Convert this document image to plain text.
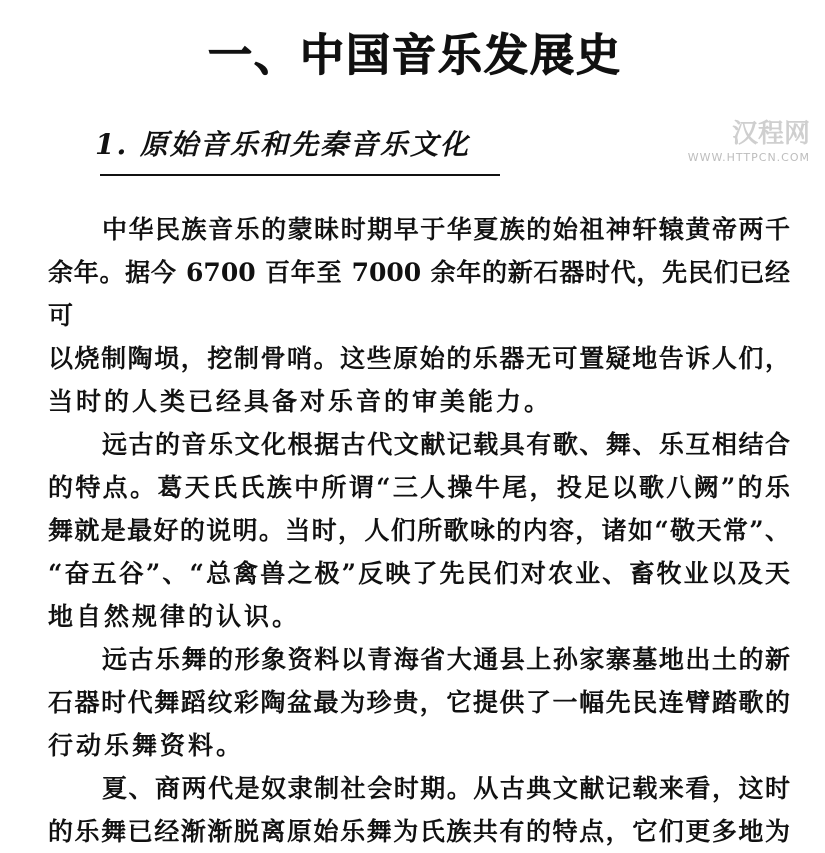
一、中国音乐发展史
1. 原始音乐和先秦音乐文化	汉程网
WWW.HTTPCN.COM
中华民族音乐的蒙昧时期早于华夏族的始祖神轩辕黄帝两千
余年。据今 6700 百年至 7000 余年的新石器时代，先民们已经可
以烧制陶埙，挖制骨哨。这些原始的乐器无可置疑地告诉人们，
当时的人类已经具备对乐音的审美能力。
远古的音乐文化根据古代文献记载具有歌、舞、乐互相结合
的特点。葛天氏氏族中所谓“三人操牛尾，投足以歌八阙”的乐
舞就是最好的说明。当时，人们所歌咏的内容，诸如“敬天常”、
“奋五谷”、“总禽兽之极”反映了先民们对农业、畜牧业以及天
地自然规律的认识。
远古乐舞的形象资料以青海省大通县上孙家寨墓地出土的新
石器时代舞蹈纹彩陶盆最为珍贵，它提供了一幅先民连臂踏歌的
行动乐舞资料。
夏、商两代是奴隶制社会时期。从古典文献记载来看，这时
的乐舞已经渐渐脱离原始乐舞为氏族共有的特点，它们更多地为
